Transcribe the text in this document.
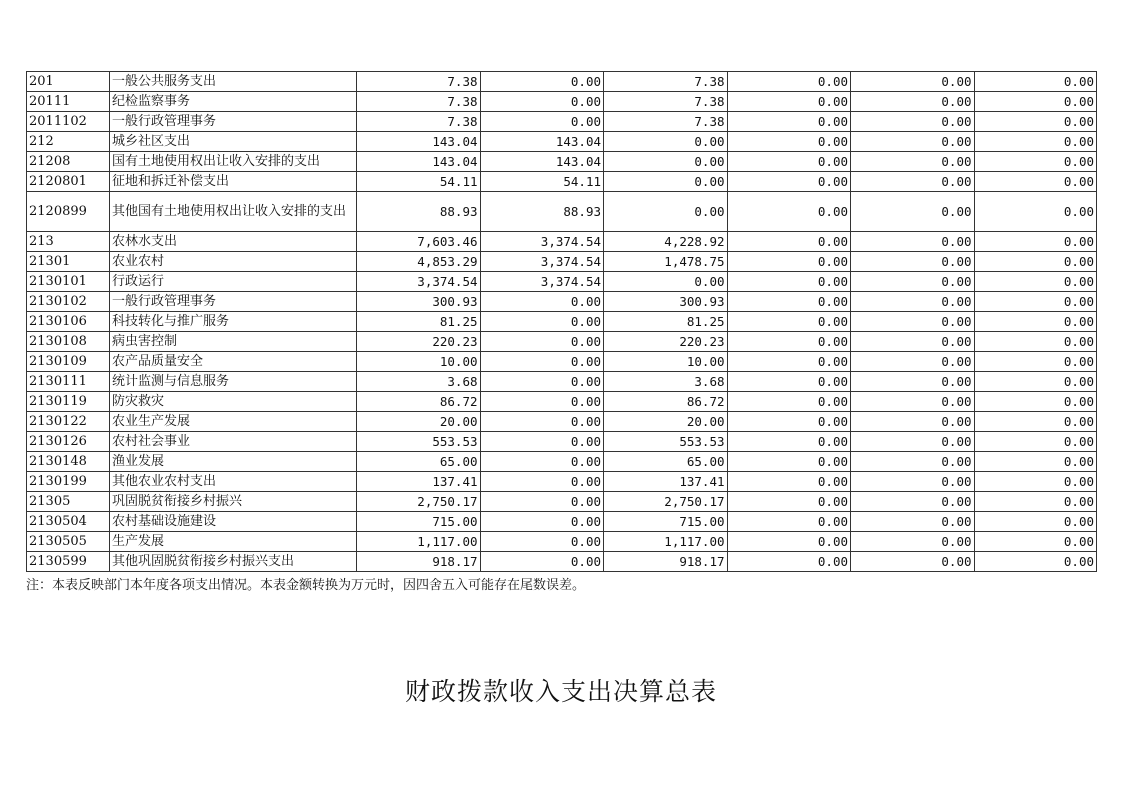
201	一般公共服务支出	7.38	0.00	7.38	0.00	0.00	0.00
20111	纪检监察事务	7.38	0.00	7.38	0.00	0.00	0.00
2011102	一般行政管理事务	7.38	0.00	7.38	0.00	0.00	0.00
212	城乡社区支出	143.04	143.04	0.00	0.00	0.00	0.00
21208	国有土地使用权出让收入安排的支出	143.04	143.04	0.00	0.00	0.00	0.00
2120801	征地和拆迁补偿支出	54.11	54.11	0.00	0.00	0.00	0.00
2120899	其他国有土地使用权出让收入安排的支出	88.93	88.93	0.00	0.00	0.00	0.00
213	农林水支出	7,603.46	3,374.54	4,228.92	0.00	0.00	0.00
21301	农业农村	4,853.29	3,374.54	1,478.75	0.00	0.00	0.00
2130101	行政运行	3,374.54	3,374.54	0.00	0.00	0.00	0.00
2130102	一般行政管理事务	300.93	0.00	300.93	0.00	0.00	0.00
2130106	科技转化与推广服务	81.25	0.00	81.25	0.00	0.00	0.00
2130108	病虫害控制	220.23	0.00	220.23	0.00	0.00	0.00
2130109	农产品质量安全	10.00	0.00	10.00	0.00	0.00	0.00
2130111	统计监测与信息服务	3.68	0.00	3.68	0.00	0.00	0.00
2130119	防灾救灾	86.72	0.00	86.72	0.00	0.00	0.00
2130122	农业生产发展	20.00	0.00	20.00	0.00	0.00	0.00
2130126	农村社会事业	553.53	0.00	553.53	0.00	0.00	0.00
2130148	渔业发展	65.00	0.00	65.00	0.00	0.00	0.00
2130199	其他农业农村支出	137.41	0.00	137.41	0.00	0.00	0.00
21305	巩固脱贫衔接乡村振兴	2,750.17	0.00	2,750.17	0.00	0.00	0.00
2130504	农村基础设施建设	715.00	0.00	715.00	0.00	0.00	0.00
2130505	生产发展	1,117.00	0.00	1,117.00	0.00	0.00	0.00
2130599	其他巩固脱贫衔接乡村振兴支出	918.17	0.00	918.17	0.00	0.00	0.00
注：本表反映部门本年度各项支出情况。本表金额转换为万元时，因四舍五入可能存在尾数误差。
财政拨款收入支出决算总表
